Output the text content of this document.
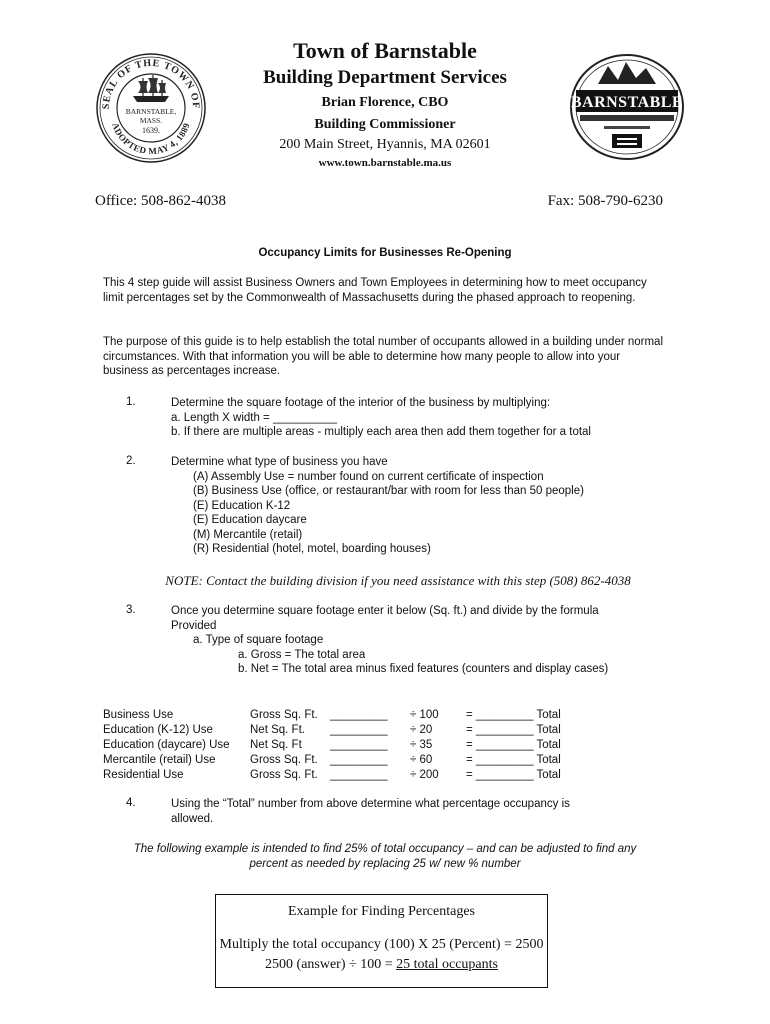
SEAL OF THE TOWN OF
ADOPTED MAY 4, 1889
BARNSTABLE,
MASS.
1639.
BARNSTABLE
Town of Barnstable
Building Department Services
Brian Florence, CBO
Building Commissioner
200 Main Street, Hyannis, MA 02601
www.town.barnstable.ma.us
Office: 508-862-4038	Fax: 508-790-6230
Occupancy Limits for Businesses Re-Opening
This 4 step guide will assist Business Owners and Town Employees in determining how to meet occupancy limit percentages set by the Commonwealth of Massachusetts during the phased approach to reopening.
The purpose of this guide is to help establish the total number of occupants allowed in a building under normal circumstances. With that information you will be able to determine how many people to allow into your business as percentages increase.
1.	Determine the square footage of the interior of the business by multiplying:
a. Length X width = __________
b. If there are multiple areas - multiply each area then add them together for a total
2.	Determine what type of business you have
(A) Assembly Use = number found on current certificate of inspection
(B) Business Use (office, or restaurant/bar with room for less than 50 people)
(E) Education K-12
(E) Education daycare
(M) Mercantile (retail)
(R) Residential (hotel, motel, boarding houses)
NOTE: Contact the building division if you need assistance with this step (508) 862-4038
3.	Once you determine square footage enter it below (Sq. ft.) and divide by the formula
Provided
a. Type of square footage
a. Gross = The total area
b. Net = The total area minus fixed features (counters and display cases)
Business Use	Gross Sq. Ft.	_________	÷ 100	= _________ Total
Education (K-12) Use	Net Sq. Ft.	_________	÷ 20	= _________ Total
Education (daycare) Use	Net Sq. Ft	_________	÷ 35	= _________ Total
Mercantile (retail) Use	Gross Sq. Ft.	_________	÷ 60	= _________ Total
Residential Use	Gross Sq. Ft.	_________	÷ 200	= _________ Total
4.	Using the “Total” number from above determine what percentage occupancy is
allowed.
The following example is intended to find 25% of total occupancy – and can be adjusted to find any
percent as needed by replacing 25 w/ new % number
Example for Finding Percentages
Multiply the total occupancy (100) X 25 (Percent) = 2500
2500 (answer) ÷ 100 = 25 total occupants
